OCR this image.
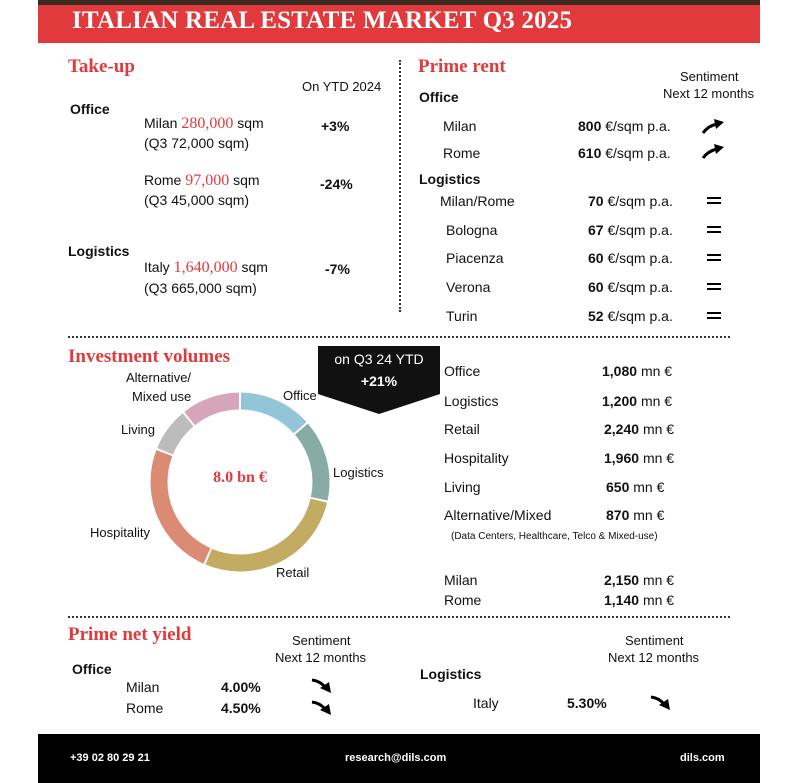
ITALIAN REAL ESTATE MARKET Q3 2025
Take-up
On YTD 2024
Office
Milan 280,000 sqm
(Q3 72,000 sqm)
+3%
Rome 97,000 sqm
(Q3 45,000 sqm)
-24%
Logistics
Italy 1,640,000 sqm
(Q3 665,000 sqm)
-7%
Prime rent	Sentiment
Next 12 months
Office
Milan	800 €/sqm p.a.
Rome	610 €/sqm p.a.
Logistics
Milan/Rome	70 €/sqm p.a.
Bologna	67 €/sqm p.a.
Piacenza	60 €/sqm p.a.
Verona	60 €/sqm p.a.
Turin	52 €/sqm p.a.
Investment volumes	on Q3 24 YTD
+21%
8.0 bn €
Office
Logistics
Retail
Hospitality
Living
Alternative/
Mixed use
Office	1,080 mn €
Logistics	1,200 mn €
Retail	2,240 mn €
Hospitality	1,960 mn €
Living	650 mn €
Alternative/Mixed	870 mn €
(Data Centers, Healthcare, Telco & Mixed-use)
Milan	2,150 mn €
Rome	1,140 mn €
Prime net yield	Sentiment
Next 12 months
Sentiment
Next 12 months
Office
Milan	4.00%
Rome	4.50%
Logistics
Italy	5.30%
+39 02 80 29 21	research@dils.com	dils.com
